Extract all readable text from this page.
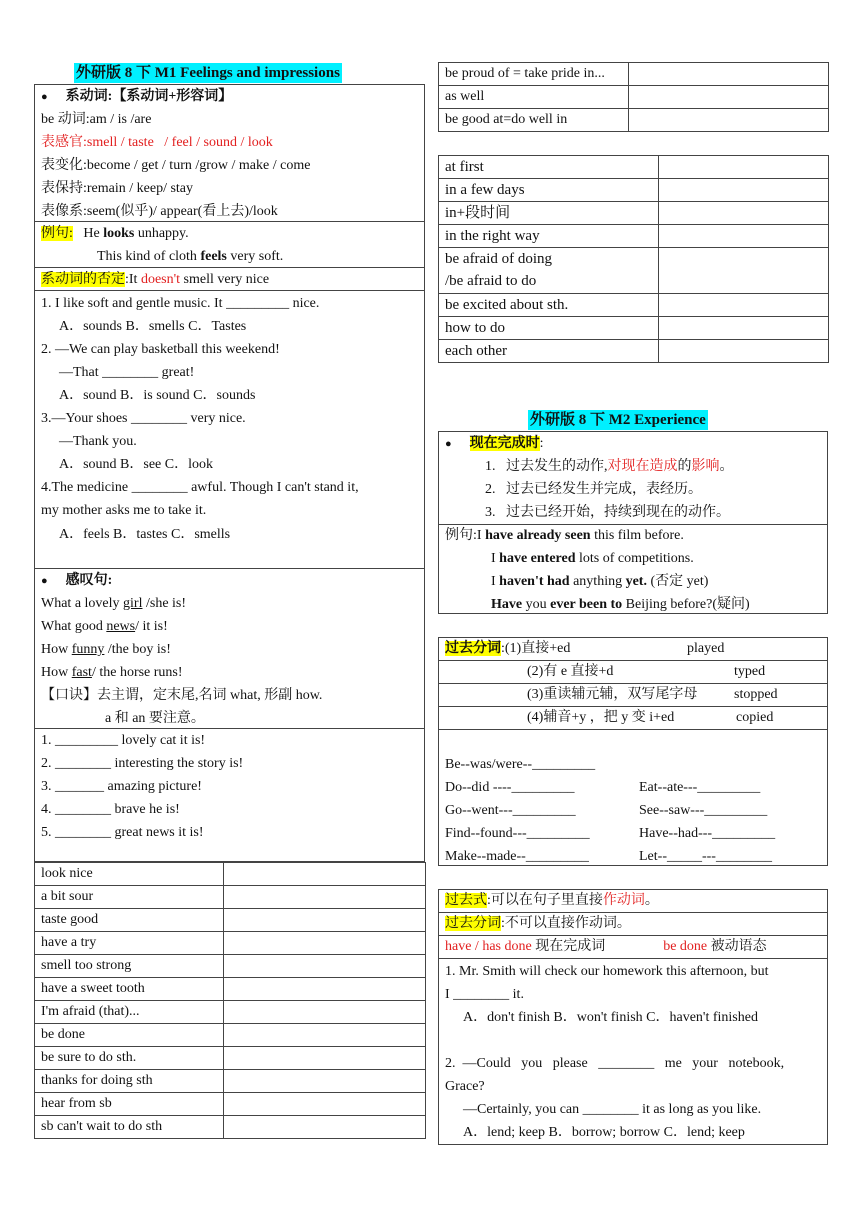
外研版 8 下 M1 Feelings and impressions
● 系动词:【系动词+形容词】
be 动词:am / is /are
表感官:smell / taste   / feel / sound / look
表变化:become / get / turn /grow / make / come
表保持:remain / keep/ stay
表像系:seem(似乎)/ appear(看上去)/look
例句: He looks unhappy.
This kind of cloth feels very soft.
系动词的否定:It doesn't smell very nice
1. I like soft and gentle music. It _________ nice.
A．sounds B．smells C．Tastes
2. ―We can play basketball this weekend!
―That ________ great!
A．sound B．is sound C．sounds
3.―Your shoes ________ very nice.
―Thank you.
A．sound B．see C．look
4.The medicine ________ awful. Though I can't stand it,
my mother asks me to take it.
A．feels B．tastes C．smells
● 感叹句:
What a lovely girl /she is!
What good news/ it is!
How funny /the boy is!
How fast/ the horse runs!
【口诀】去主谓，定末尾,名词 what, 形副 how.
a 和 an 要注意。
1. _________ lovely cat it is!
2. ________ interesting the story is!
3. _______ amazing picture!
4. ________ brave he is!
5. ________ great news it is!
look nice	
a bit sour	
taste good	
have a try	
smell too strong	
have a sweet tooth	
I'm afraid (that)...	
be done	
be sure to do sth.	
thanks for doing sth	
hear from sb	
sb can't wait to do sth	
be proud of = take pride in...	
as well	
be good at=do well in	
at first	
in a few days	
in+段时间	
in the right way	
be afraid of doing
/be afraid to do	
be excited about sth.	
how to do	
each other	
外研版 8 下 M2 Experience
● 现在完成时:
1.   过去发生的动作,对现在造成的影响。
2.   过去已经发生并完成，表经历。
3.   过去已经开始，持续到现在的动作。
例句:I have already seen this film before.
I have entered lots of competitions.
I haven't had anything yet. (否定 yet)
Have you ever been to Beijing before?(疑问)
过去分词:(1)直接+ed	played
(2)有 e 直接+d	typed
(3)重读辅元辅，双写尾字母	stopped
(4)辅音+y ，把 y 变 i+ed	copied
Be--was/were--_________
Do--did ----_________	Eat--ate---_________
Go--went---_________	See--saw---_________
Find--found---_________	Have--had---_________
Make--made--_________	Let--_____---________
过去式:可以在句子里直接作动词。
过去分词:不可以直接作动词。
have / has done 现在完成词	be done 被动语态
1. Mr. Smith will check our homework this afternoon, but
I ________ it.
A．don't finish B．won't finish C．haven't finished
2.  ―Could   you   please   ________   me   your   notebook,
Grace?
―Certainly, you can ________ it as long as you like.
A．lend; keep B．borrow; borrow C．lend; keep
